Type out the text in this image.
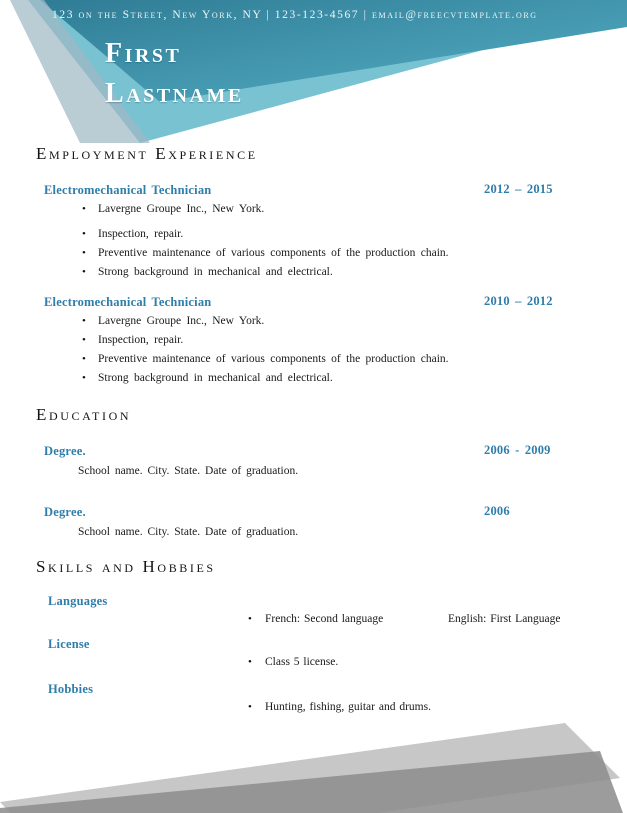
123 on the Street, New York, NY | 123-123-4567 | email@freecvtemplate.org
First
Lastname
Employment Experience
Electromechanical Technician	2012 – 2015
• Lavergne Groupe Inc., New York.
• Inspection, repair.
• Preventive maintenance of various components of the production chain.
• Strong background in mechanical and electrical.
Electromechanical Technician	2010 – 2012
• Lavergne Groupe Inc., New York.
• Inspection, repair.
• Preventive maintenance of various components of the production chain.
• Strong background in mechanical and electrical.
Education
Degree.	2006 - 2009
School name. City. State. Date of graduation.
Degree.	2006
School name. City. State. Date of graduation.
Skills and Hobbies
Languages
• French: Second language	English: First Language
License
• Class 5 license.
Hobbies
• Hunting, fishing, guitar and drums.
